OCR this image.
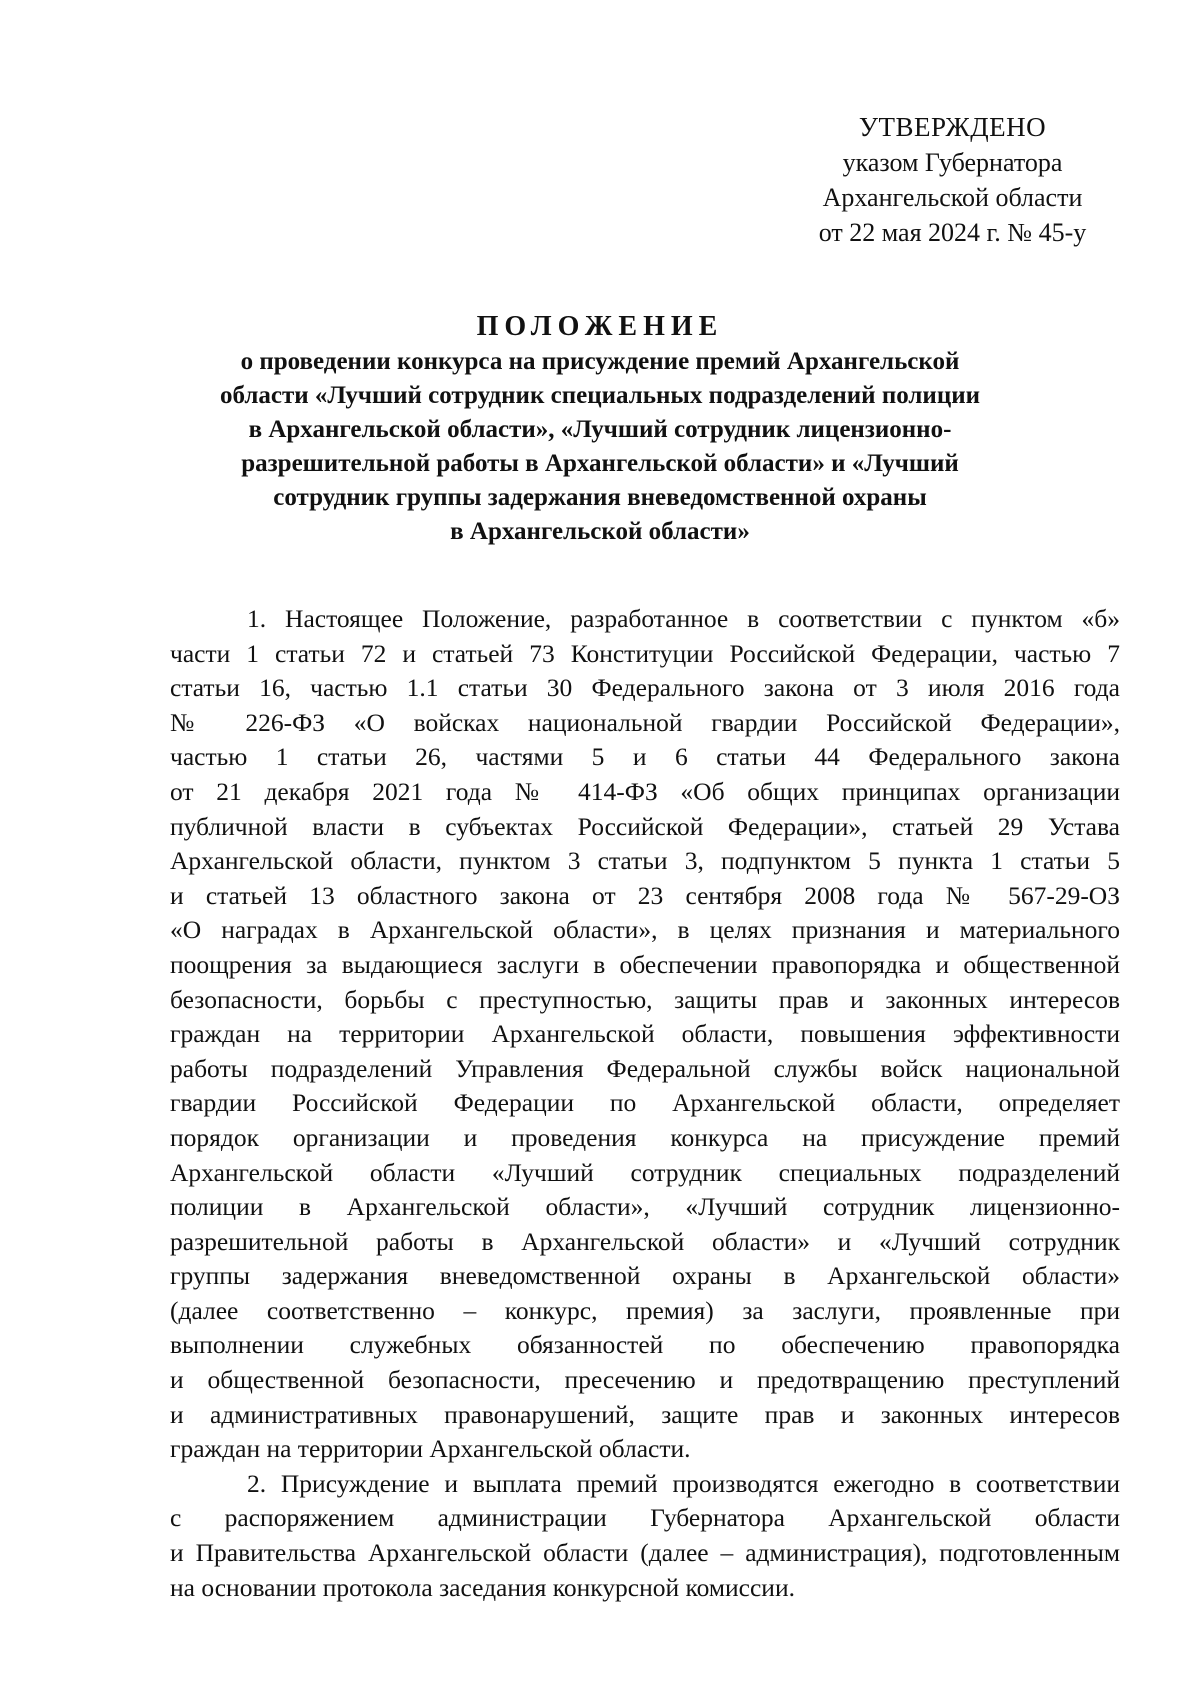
УТВЕРЖДЕНО
указом Губернатора
Архангельской области
от 22 мая 2024 г. № 45-у
ПОЛОЖЕНИЕ
о проведении конкурса на присуждение премий Архангельской
области «Лучший сотрудник специальных подразделений полиции
в Архангельской области», «Лучший сотрудник лицензионно-
разрешительной работы в Архангельской области» и «Лучший
сотрудник группы задержания вневедомственной охраны
в Архангельской области»
1. Настоящее Положение, разработанное в соответствии с пунктом «б»
части 1 статьи 72 и статьей 73 Конституции Российской Федерации, частью 7
статьи 16, частью 1.1 статьи 30 Федерального закона от 3 июля 2016 года
№ 226-ФЗ «О войсках национальной гвардии Российской Федерации»,
частью 1 статьи 26, частями 5 и 6 статьи 44 Федерального закона
от 21 декабря 2021 года № 414-ФЗ «Об общих принципах организации
публичной власти в субъектах Российской Федерации», статьей 29 Устава
Архангельской области, пунктом 3 статьи 3, подпунктом 5 пункта 1 статьи 5
и статьей 13 областного закона от 23 сентября 2008 года № 567-29-ОЗ
«О наградах в Архангельской области», в целях признания и материального
поощрения за выдающиеся заслуги в обеспечении правопорядка и общественной
безопасности, борьбы с преступностью, защиты прав и законных интересов
граждан на территории Архангельской области, повышения эффективности
работы подразделений Управления Федеральной службы войск национальной
гвардии Российской Федерации по Архангельской области, определяет
порядок организации и проведения конкурса на присуждение премий
Архангельской области «Лучший сотрудник специальных подразделений
полиции в Архангельской области», «Лучший сотрудник лицензионно-
разрешительной работы в Архангельской области» и «Лучший сотрудник
группы задержания вневедомственной охраны в Архангельской области»
(далее соответственно – конкурс, премия) за заслуги, проявленные при
выполнении служебных обязанностей по обеспечению правопорядка
и общественной безопасности, пресечению и предотвращению преступлений
и административных правонарушений, защите прав и законных интересов
граждан на территории Архангельской области.
2. Присуждение и выплата премий производятся ежегодно в соответствии
с распоряжением администрации Губернатора Архангельской области
и Правительства Архангельской области (далее – администрация), подготовленным
на основании протокола заседания конкурсной комиссии.
